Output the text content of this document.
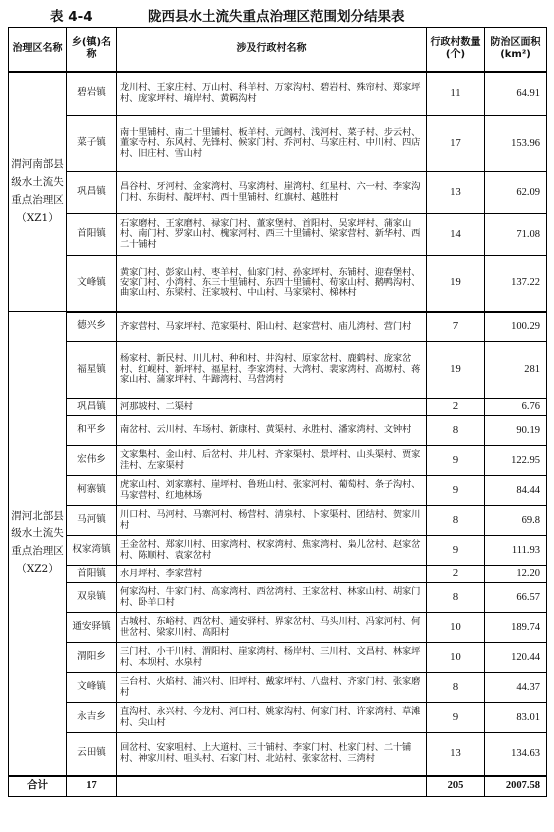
表 4-4	陇西县水土流失重点治理区范围划分结果表
治理区名称	乡(镇)名称	涉及行政村名称	行政村数量(个)	防治区面积(km²)
渭河南部县级水土流失重点治理区（XZ1）	碧岩镇	龙川村、王家庄村、万山村、科羊村、万家沟村、碧岩村、殊帘村、郑家坪村、庞家坪村、墒岸村、黄羁沟村	11	64.91
	菜子镇	南十里铺村、南二十里铺村、板羊村、元阁村、浅河村、菜子村、步云村、董家寺村、东风村、先锋村、候家门村、乔河村、马家庄村、中川村、四店村、旧庄村、雪山村	17	153.96
	巩昌镇	昌谷村、牙河村、金家湾村、马家湾村、崖湾村、红星村、六一村、李家沟门村、东街村、靛坪村、西十里铺村、红旗村、越胜村	13	62.09
	首阳镇	石家磨村、王家磨村、禄家门村、董家堡村、首阳村、吴家坪村、蒲家山村、南门村、罗家山村、槐家河村、西三十里铺村、梁家营村、新华村、西二十铺村	14	71.08
	文峰镇	黄家门村、彭家山村、枣羊村、仙家门村、孙家坪村、东铺村、迎春堡村、安家门村、小湾村、东三十里铺村、东四十里铺村、荀家山村、鹅鸭沟村、曲家山村、东梁村、汪家坡村、中山村、马家梁村、梯林村	19	137.22
渭河北部县级水土流失重点治理区（XZ2）	德兴乡	齐家营村、马家坪村、范家渠村、阳山村、赵家营村、庙儿湾村、营门村	7	100.29
	福星镇	杨家村、新民村、川儿村、种和村、井沟村、原家岔村、鹿鹤村、庞家岔村、红岘村、新坪村、福星村、李家湾村、大湾村、裴家湾村、高塬村、蒋家山村、蒲家坪村、牛蹄湾村、马营湾村	19	281
	巩昌镇	河那坡村、二渠村	2	6.76
	和平乡	南岔村、云川村、车场村、新康村、黄渠村、永胜村、潘家湾村、文钟村	8	90.19
	宏伟乡	文家集村、金山村、后岔村、井儿村、齐家渠村、景坪村、山头渠村、贾家洼村、左家渠村	9	122.95
	柯寨镇	虎家山村、刘家寨村、崖坪村、鲁班山村、张家河村、葡萄村、条子沟村、马家营村、红地林场	9	84.44
	马河镇	川口村、马河村、马寨河村、杨营村、清泉村、卜家渠村、团结村、贺家川村	8	69.8
	权家湾镇	王金岔村、郑家川村、田家湾村、权家湾村、焦家湾村、枭儿岔村、赵家岔村、陈顺村、袁家岔村	9	111.93
	首阳镇	水月坪村、李家营村	2	12.20
	双泉镇	何家沟村、牛家门村、高家湾村、西岔湾村、王家岔村、林家山村、胡家门村、卧羊口村	8	66.57
	通安驿镇	古城村、东峪村、西岔村、通安驿村、界家岔村、马头川村、冯家河村、何世岔村、梁家川村、高阳村	10	189.74
	渭阳乡	三门村、小干川村、渭阳村、崖家湾村、杨岸村、三川村、文昌村、林家坪村、本坝村、水泉村	10	120.44
	文峰镇	三台村、火焰村、浦兴村、旧坪村、戴家坪村、八盘村、齐家门村、张家磨村	8	44.37
	永吉乡	直沟村、永兴村、今龙村、河口村、姚家沟村、何家门村、许家湾村、草滩村、尖山村	9	83.01
	云田镇	回岔村、安家咀村、上大道村、三十铺村、李家门村、杜家门村、二十铺村、神家川村、咀头村、石家门村、北站村、张家岔村、三湾村	13	134.63
合计	17		205	2007.58
